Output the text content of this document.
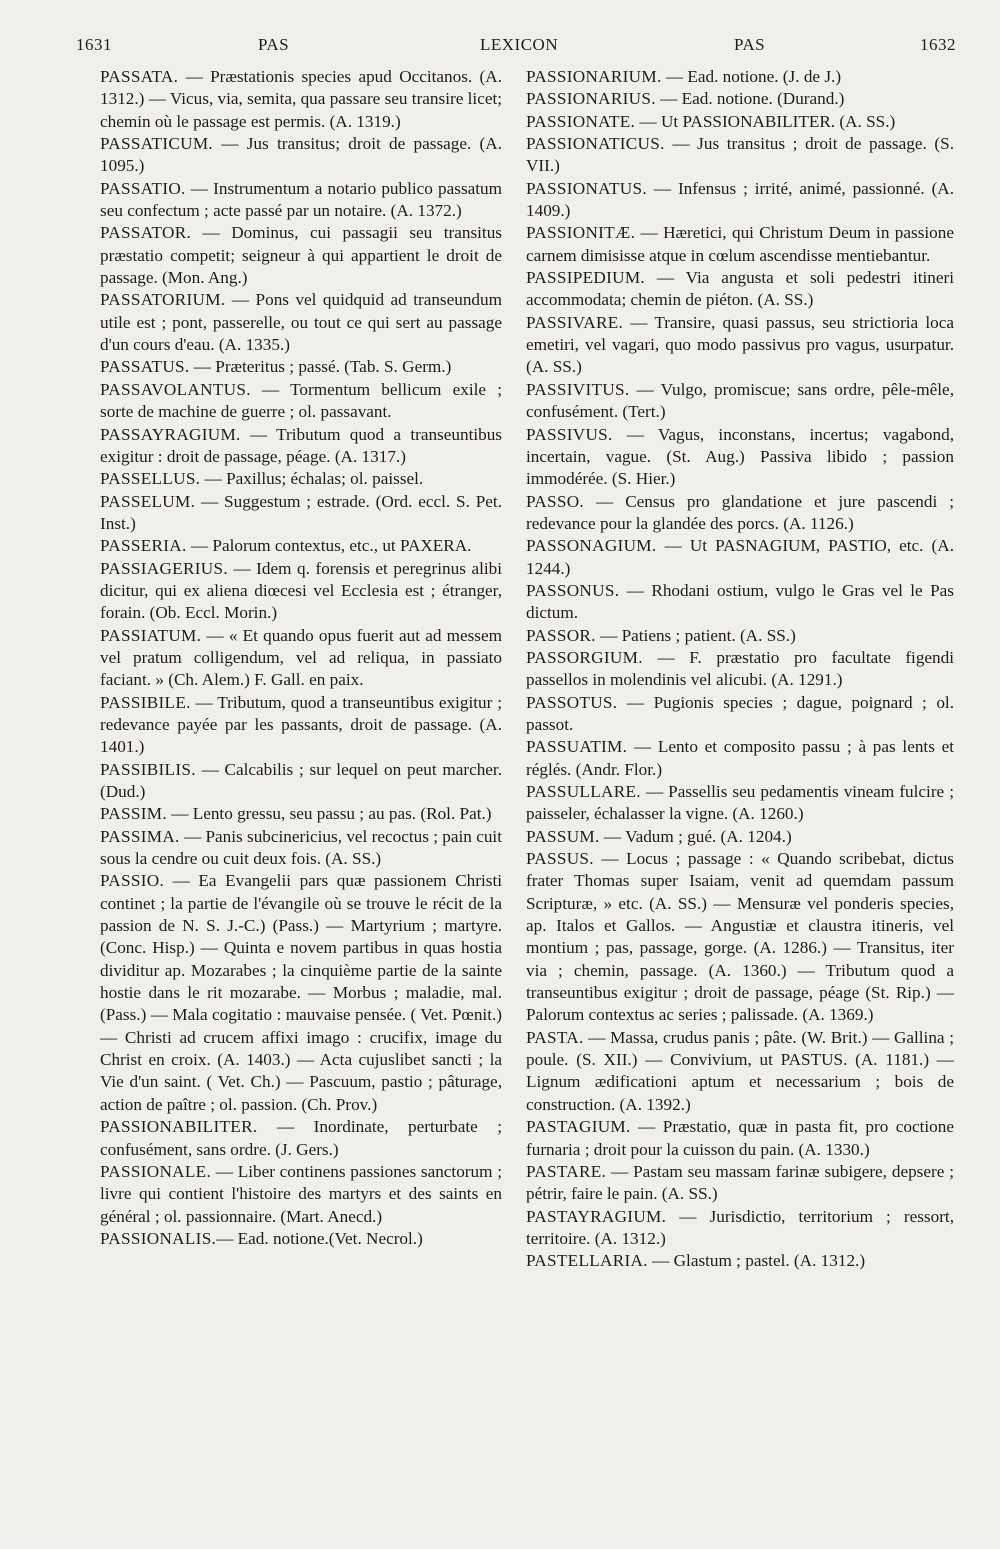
1631	PAS	LEXICON	PAS	1632

PASSATA. — Præstationis species apud Occitanos. (A. 1312.) — Vicus, via, semita, qua passare seu transire licet; chemin où le passage est permis. (A. 1319.)

PASSATICUM. — Jus transitus; droit de passage. (A. 1095.)

PASSATIO. — Instrumentum a notario publico passatum seu confectum ; acte passé par un notaire. (A. 1372.)

PASSATOR. — Dominus, cui passagii seu transitus præstatio competit; seigneur à qui appartient le droit de passage. (Mon. Ang.)

PASSATORIUM. — Pons vel quidquid ad transeundum utile est ; pont, passerelle, ou tout ce qui sert au passage d'un cours d'eau. (A. 1335.)

PASSATUS. — Præteritus ; passé. (Tab. S. Germ.)

PASSAVOLANTUS. — Tormentum bellicum exile ; sorte de machine de guerre ; ol. passavant.

PASSAYRAGIUM. — Tributum quod a transeuntibus exigitur : droit de passage, péage. (A. 1317.)

PASSELLUS. — Paxillus; échalas; ol. paissel.

PASSELUM. — Suggestum ; estrade. (Ord. eccl. S. Pet. Inst.)

PASSERIA. — Palorum contextus, etc., ut PAXERA.

PASSIAGERIUS. — Idem q. forensis et peregrinus alibi dicitur, qui ex aliena diœcesi vel Ecclesia est ; étranger, forain. (Ob. Eccl. Morin.)

PASSIATUM. — « Et quando opus fuerit aut ad messem vel pratum colligendum, vel ad reliqua, in passiato faciant. » (Ch. Alem.) F. Gall. en paix.

PASSIBILE. — Tributum, quod a transeuntibus exigitur ; redevance payée par les passants, droit de passage. (A. 1401.)

PASSIBILIS. — Calcabilis ; sur lequel on peut marcher. (Dud.)

PASSIM. — Lento gressu, seu passu ; au pas. (Rol. Pat.)

PASSIMA. — Panis subcinericius, vel recoctus ; pain cuit sous la cendre ou cuit deux fois. (A. SS.)

PASSIO. — Ea Evangelii pars quæ passionem Christi continet ; la partie de l'évangile où se trouve le récit de la passion de N. S. J.-C.) (Pass.) — Martyrium ; martyre. (Conc. Hisp.) — Quinta e novem partibus in quas hostia dividitur ap. Mozarabes ; la cinquième partie de la sainte hostie dans le rit mozarabe. — Morbus ; maladie, mal. (Pass.) — Mala cogitatio : mauvaise pensée. ( Vet. Pœnit.) — Christi ad crucem affixi imago : crucifix, image du Christ en croix. (A. 1403.) — Acta cujuslibet sancti ; la Vie d'un saint. ( Vet. Ch.) — Pascuum, pastio ; pâturage, action de paître ; ol. passion. (Ch. Prov.)

PASSIONABILITER. — Inordinate, perturbate ; confusément, sans ordre. (J. Gers.)

PASSIONALE. — Liber continens passiones sanctorum ; livre qui contient l'histoire des martyrs et des saints en général ; ol. passionnaire. (Mart. Anecd.)

PASSIONALIS.— Ead. notione.(Vet. Necrol.)

PASSIONARIUM. — Ead. notione. (J. de J.)

PASSIONARIUS. — Ead. notione. (Durand.)

PASSIONATE. — Ut PASSIONABILITER. (A. SS.)

PASSIONATICUS. — Jus transitus ; droit de passage. (S. VII.)

PASSIONATUS. — Infensus ; irrité, animé, passionné. (A. 1409.)

PASSIONITÆ. — Hæretici, qui Christum Deum in passione carnem dimisisse atque in cœlum ascendisse mentiebantur.

PASSIPEDIUM. — Via angusta et soli pedestri itineri accommodata; chemin de piéton. (A. SS.)

PASSIVARE. — Transire, quasi passus, seu strictioria loca emetiri, vel vagari, quo modo passivus pro vagus, usurpatur. (A. SS.)

PASSIVITUS. — Vulgo, promiscue; sans ordre, pêle-mêle, confusément. (Tert.)

PASSIVUS. — Vagus, inconstans, incertus; vagabond, incertain, vague. (St. Aug.) Passiva libido ; passion immodérée. (S. Hier.)

PASSO. — Census pro glandatione et jure pascendi ; redevance pour la glandée des porcs. (A. 1126.)

PASSONAGIUM. — Ut PASNAGIUM, PASTIO, etc. (A. 1244.)

PASSONUS. — Rhodani ostium, vulgo le Gras vel le Pas dictum.

PASSOR. — Patiens ; patient. (A. SS.)

PASSORGIUM. — F. præstatio pro facultate figendi passellos in molendinis vel alicubi. (A. 1291.)

PASSOTUS. — Pugionis species ; dague, poignard ; ol. passot.

PASSUATIM. — Lento et composito passu ; à pas lents et réglés. (Andr. Flor.)

PASSULLARE. — Passellis seu pedamentis vineam fulcire ; paisseler, échalasser la vigne. (A. 1260.)

PASSUM. — Vadum ; gué. (A. 1204.)

PASSUS. — Locus ; passage : « Quando scribebat, dictus frater Thomas super Isaiam, venit ad quemdam passum Scripturæ, » etc. (A. SS.) — Mensuræ vel ponderis species, ap. Italos et Gallos. — Angustiæ et claustra itineris, vel montium ; pas, passage, gorge. (A. 1286.) — Transitus, iter via ; chemin, passage. (A. 1360.) — Tributum quod a transeuntibus exigitur ; droit de passage, péage (St. Rip.) — Palorum contextus ac series ; palissade. (A. 1369.)

PASTA. — Massa, crudus panis ; pâte. (W. Brit.) — Gallina ; poule. (S. XII.) — Convivium, ut PASTUS. (A. 1181.) — Lignum ædificationi aptum et necessarium ; bois de construction. (A. 1392.)

PASTAGIUM. — Præstatio, quæ in pasta fit, pro coctione furnaria ; droit pour la cuisson du pain. (A. 1330.)

PASTARE. — Pastam seu massam farinæ subigere, depsere ; pétrir, faire le pain. (A. SS.)

PASTAYRAGIUM. — Jurisdictio, territorium ; ressort, territoire. (A. 1312.)

PASTELLARIA. — Glastum ; pastel. (A. 1312.)
